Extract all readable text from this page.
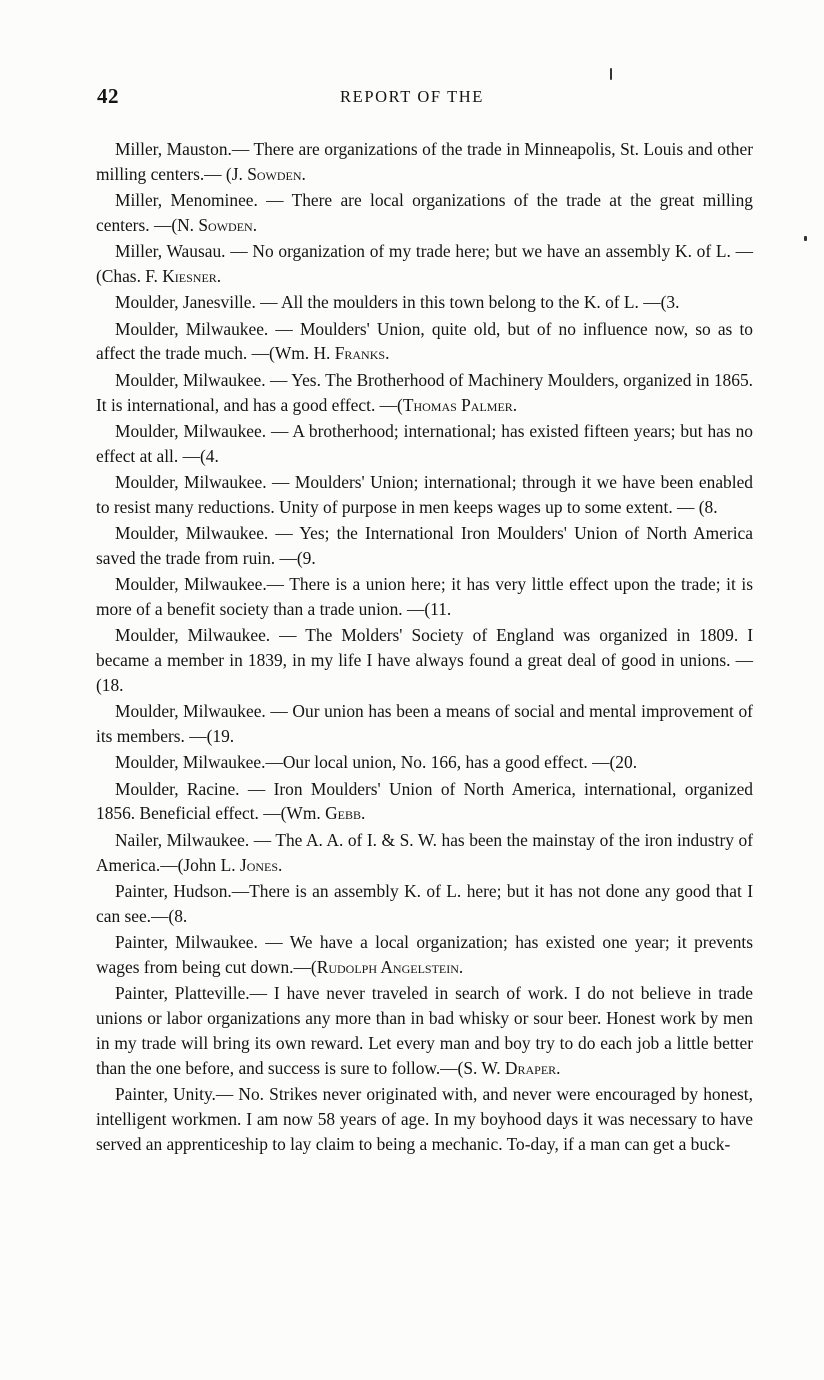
42	REPORT OF THE

Miller, Mauston.— There are organizations of the trade in Minneapolis, St. Louis and other milling centers.— (J. Sowden.

Miller, Menominee. — There are local organizations of the trade at the great milling centers. —(N. Sowden.

Miller, Wausau. — No organization of my trade here; but we have an assembly K. of L. —(Chas. F. Kiesner.

Moulder, Janesville. — All the moulders in this town belong to the K. of L. —(3.

Moulder, Milwaukee. — Moulders' Union, quite old, but of no influence now, so as to affect the trade much. —(Wm. H. Franks.

Moulder, Milwaukee. — Yes. The Brotherhood of Machinery Moulders, organized in 1865. It is international, and has a good effect. —(Thomas Palmer.

Moulder, Milwaukee. — A brotherhood; international; has existed fifteen years; but has no effect at all. —(4.

Moulder, Milwaukee. — Moulders' Union; international; through it we have been enabled to resist many reductions. Unity of purpose in men keeps wages up to some extent. — (8.

Moulder, Milwaukee. — Yes; the International Iron Moulders' Union of North America saved the trade from ruin. —(9.

Moulder, Milwaukee.— There is a union here; it has very little effect upon the trade; it is more of a benefit society than a trade union. —(11.

Moulder, Milwaukee. — The Molders' Society of England was organized in 1809. I became a member in 1839, in my life I have always found a great deal of good in unions. — (18.

Moulder, Milwaukee. — Our union has been a means of social and mental improvement of its members. —(19.

Moulder, Milwaukee.—Our local union, No. 166, has a good effect. —(20.

Moulder, Racine. — Iron Moulders' Union of North America, international, organized 1856. Beneficial effect. —(Wm. Gebb.

Nailer, Milwaukee. — The A. A. of I. & S. W. has been the mainstay of the iron industry of America.—(John L. Jones.

Painter, Hudson.—There is an assembly K. of L. here; but it has not done any good that I can see.—(8.

Painter, Milwaukee. — We have a local organization; has existed one year; it prevents wages from being cut down.—(Rudolph Angelstein.

Painter, Platteville.— I have never traveled in search of work. I do not believe in trade unions or labor organizations any more than in bad whisky or sour beer. Honest work by men in my trade will bring its own reward. Let every man and boy try to do each job a little better than the one before, and success is sure to follow.—(S. W. Draper.

Painter, Unity.— No. Strikes never originated with, and never were encouraged by honest, intelligent workmen. I am now 58 years of age. In my boyhood days it was necessary to have served an apprenticeship to lay claim to being a mechanic. To-day, if a man can get a buck-
